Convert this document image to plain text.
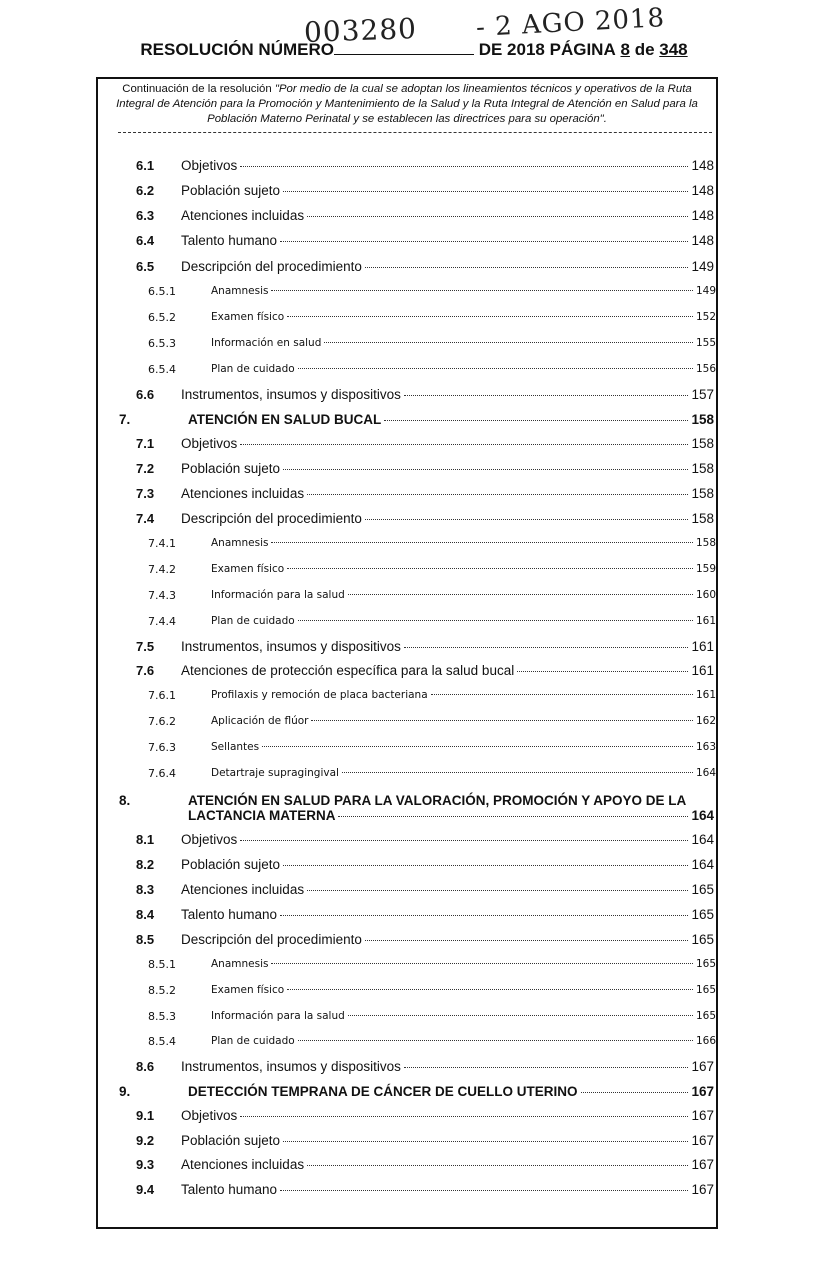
003280 - 2 AGO 2018
RESOLUCIÓN NÚMERO	DE 2018 PÁGINA 8 de 348
Continuación de la resolución "Por medio de la cual se adoptan los lineamientos técnicos y operativos de la Ruta Integral de Atención para la Promoción y Mantenimiento de la Salud y la Ruta Integral de Atención en Salud para la Población Materno Perinatal y se establecen las directrices para su operación".
6.1 Objetivos	148
6.2 Población sujeto	148
6.3 Atenciones incluidas	148
6.4 Talento humano	148
6.5 Descripción del procedimiento	149
6.5.1	Anamnesis	149
6.5.2	Examen físico	152
6.5.3	Información en salud	155
6.5.4	Plan de cuidado	156
6.6 Instrumentos, insumos y dispositivos	157
7.	ATENCIÓN EN SALUD BUCAL	158
7.1 Objetivos	158
7.2 Población sujeto	158
7.3 Atenciones incluidas	158
7.4 Descripción del procedimiento	158
7.4.1	Anamnesis	158
7.4.2	Examen físico	159
7.4.3	Información para la salud	160
7.4.4	Plan de cuidado	161
7.5 Instrumentos, insumos y dispositivos	161
7.6 Atenciones de protección específica para la salud bucal	161
7.6.1	Profilaxis y remoción de placa bacteriana	161
7.6.2	Aplicación de flúor	162
7.6.3	Sellantes	163
7.6.4	Detartraje supragingival	164
8.	ATENCIÓN EN SALUD PARA LA VALORACIÓN, PROMOCIÓN Y APOYO DE LA
LACTANCIA MATERNA	164
8.1 Objetivos	164
8.2 Población sujeto	164
8.3 Atenciones incluidas	165
8.4 Talento humano	165
8.5 Descripción del procedimiento	165
8.5.1	Anamnesis	165
8.5.2	Examen físico	165
8.5.3	Información para la salud	165
8.5.4	Plan de cuidado	166
8.6 Instrumentos, insumos y dispositivos	167
9.	DETECCIÓN TEMPRANA DE CÁNCER DE CUELLO UTERINO	167
9.1 Objetivos	167
9.2 Población sujeto	167
9.3 Atenciones incluidas	167
9.4 Talento humano	167
